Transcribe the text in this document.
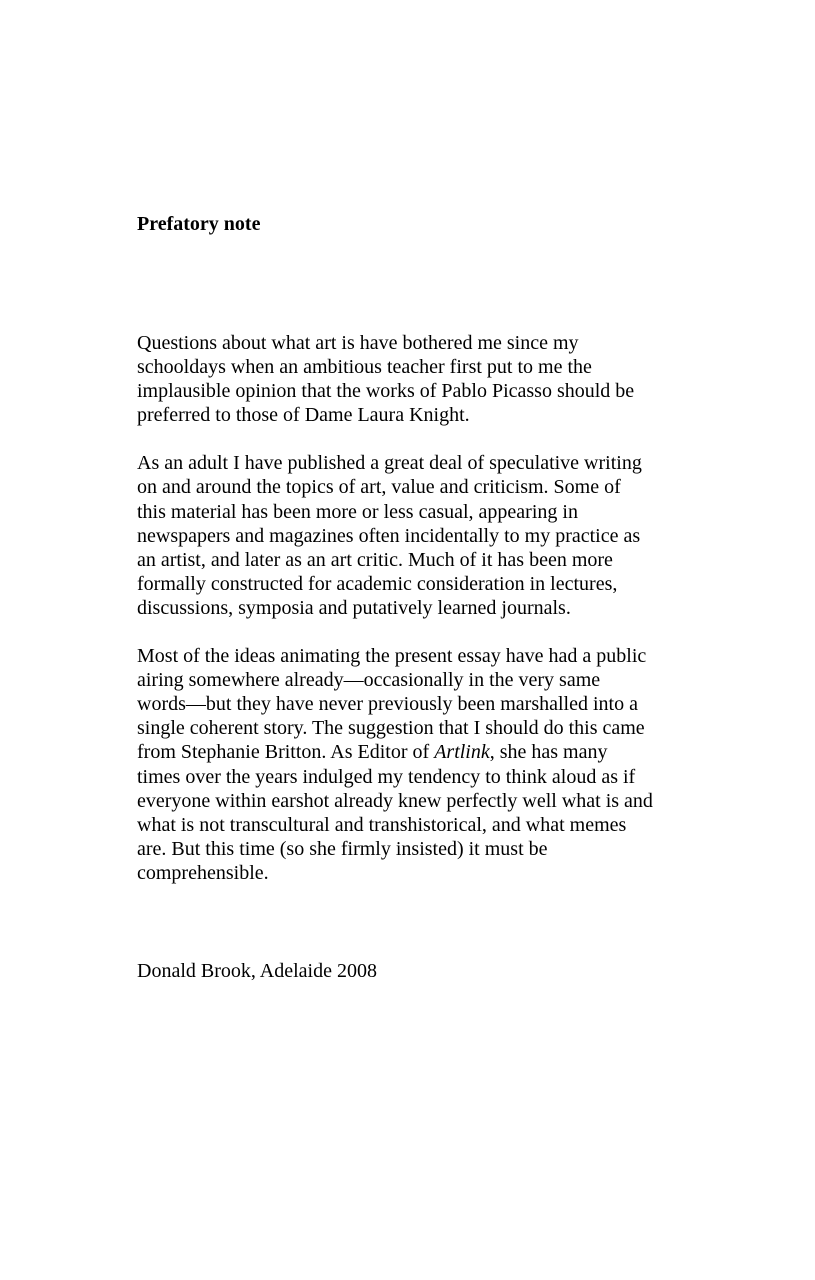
Prefatory note

Questions about what art is have bothered me since my
schooldays when an ambitious teacher first put to me the
implausible opinion that the works of Pablo Picasso should be
preferred to those of Dame Laura Knight.

As an adult I have published a great deal of speculative writing
on and around the topics of art, value and criticism. Some of
this material has been more or less casual, appearing in
newspapers and magazines often incidentally to my practice as
an artist, and later as an art critic. Much of it has been more
formally constructed for academic consideration in lectures,
discussions, symposia and putatively learned journals.

Most of the ideas animating the present essay have had a public
airing somewhere already—occasionally in the very same
words—but they have never previously been marshalled into a
single coherent story. The suggestion that I should do this came
from Stephanie Britton. As Editor of Artlink, she has many
times over the years indulged my tendency to think aloud as if
everyone within earshot already knew perfectly well what is and
what is not transcultural and transhistorical, and what memes
are. But this time (so she firmly insisted) it must be
comprehensible.

Donald Brook, Adelaide 2008
